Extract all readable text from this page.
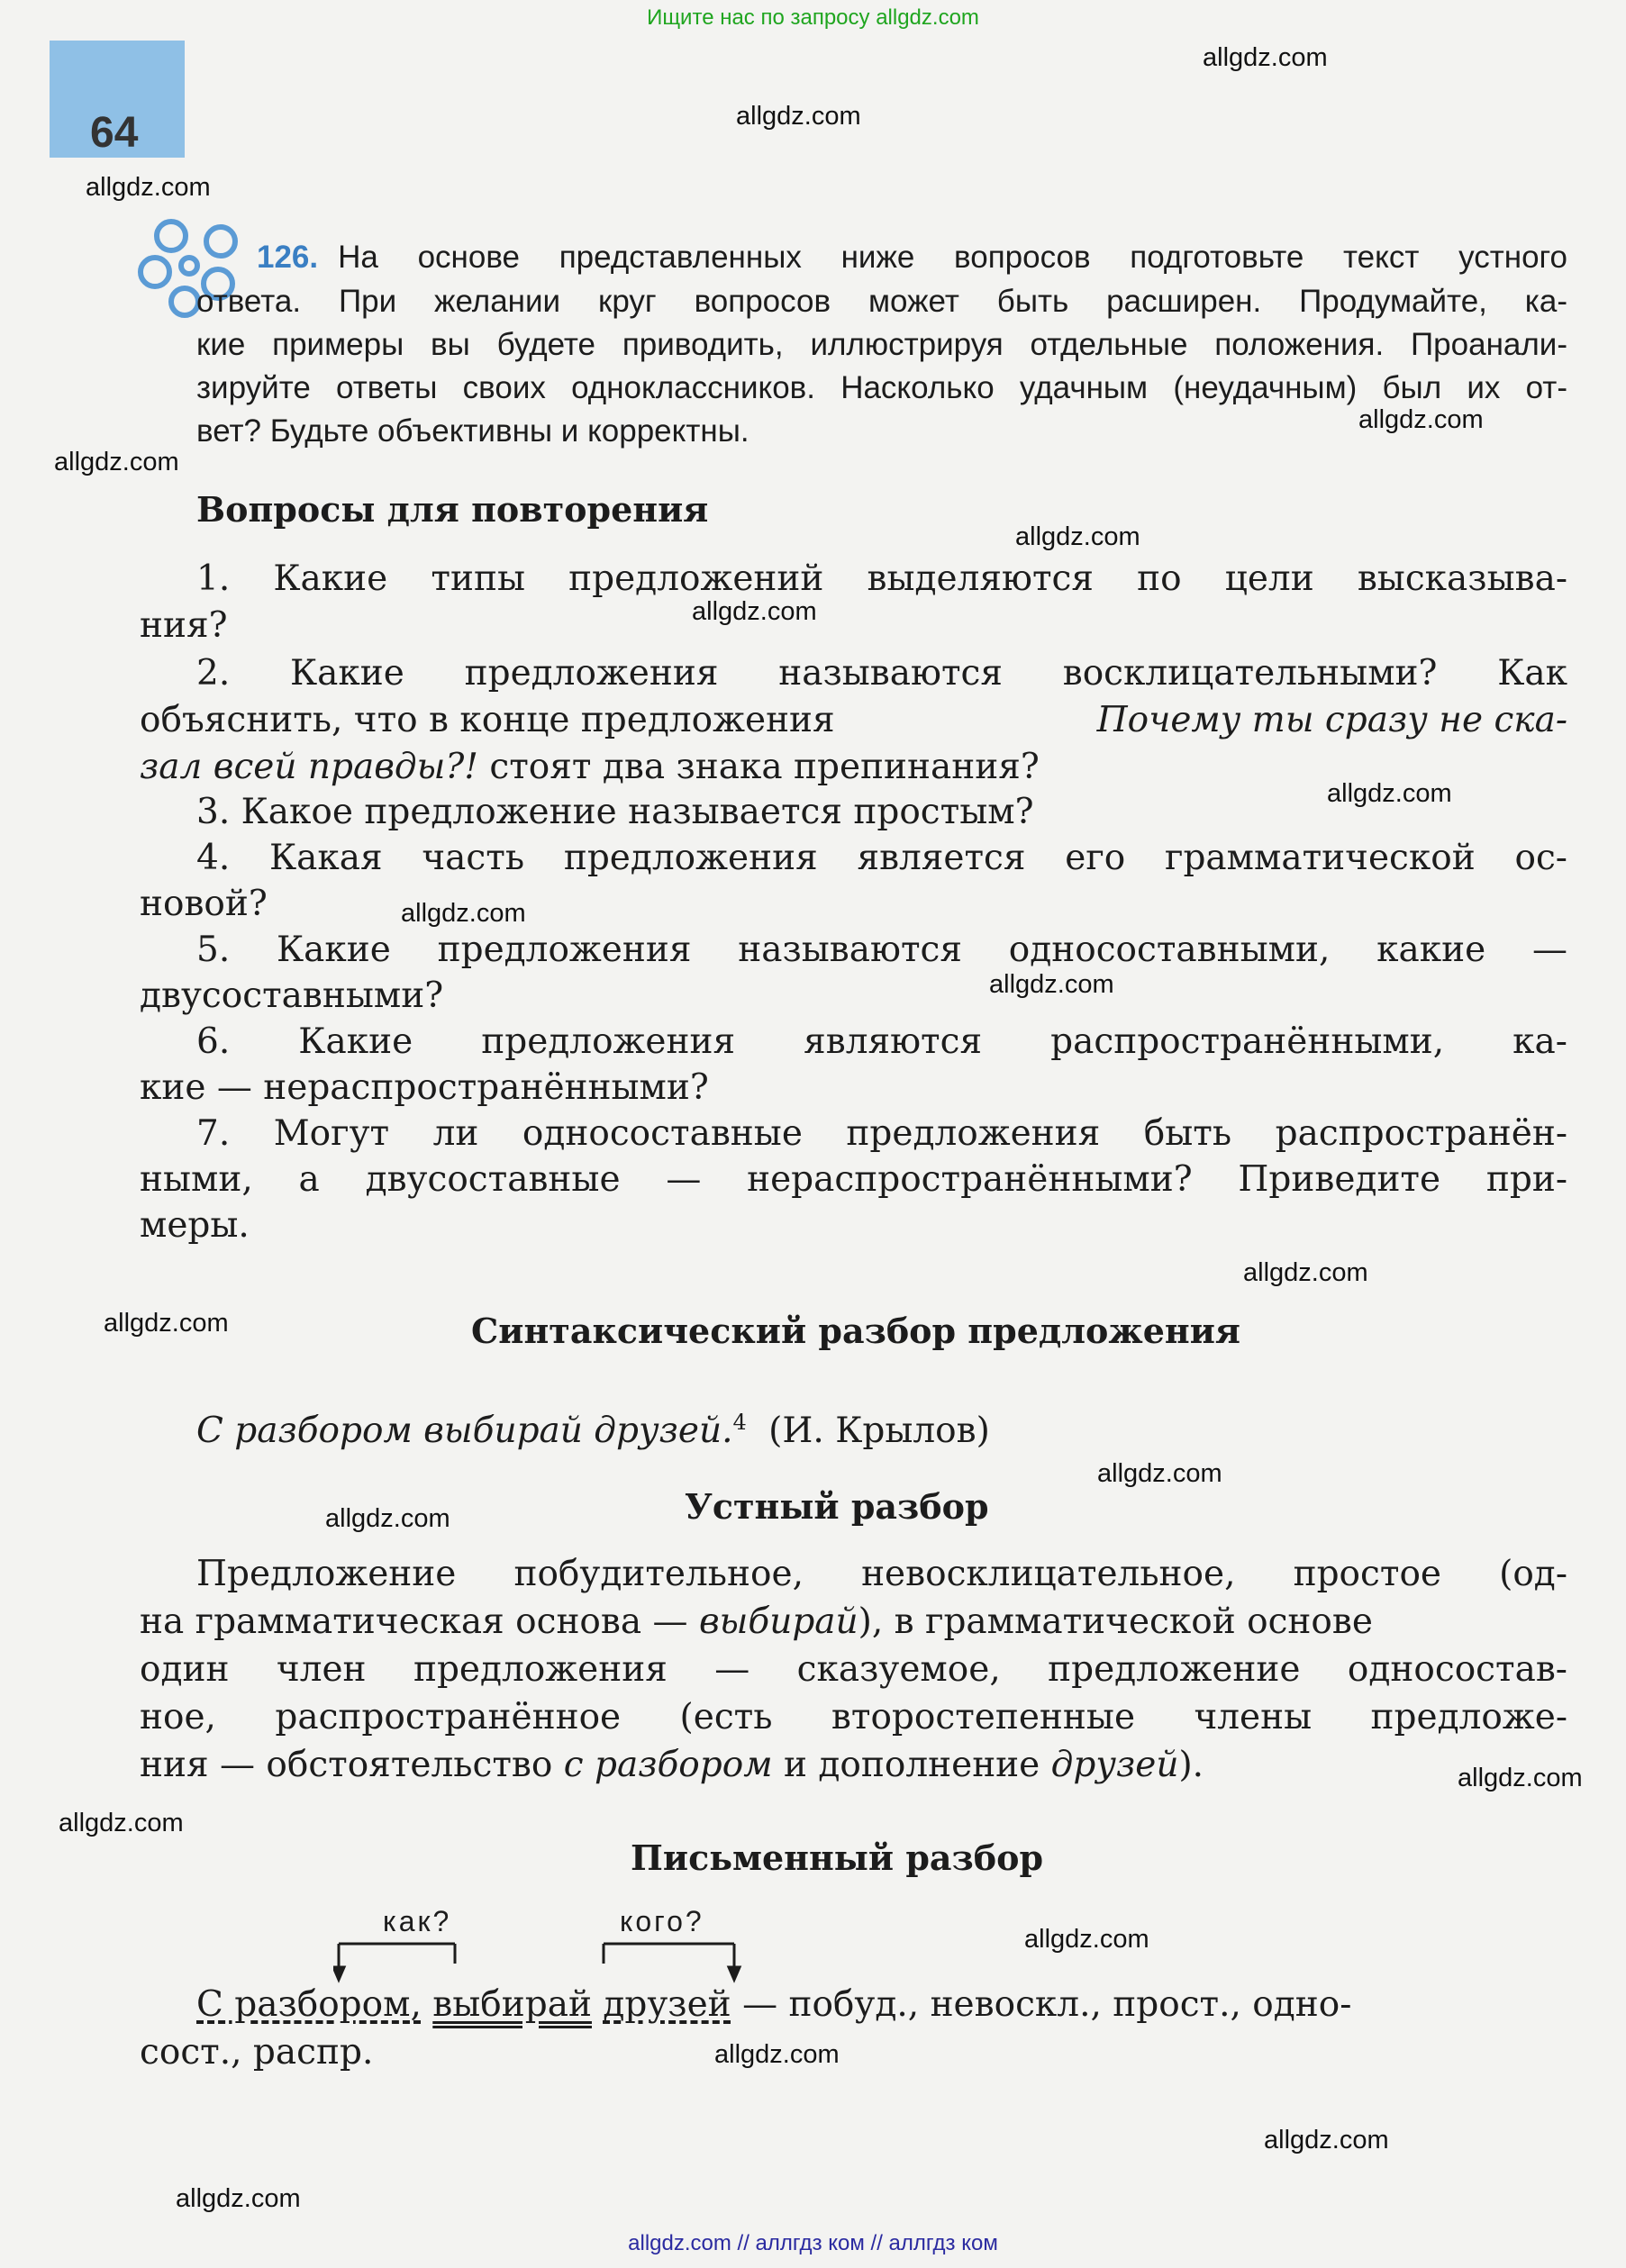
Ищите нас по запросу allgdz.com
64
allgdz.com
allgdz.com
allgdz.com
allgdz.com
allgdz.com
allgdz.com
allgdz.com
allgdz.com
allgdz.com
allgdz.com
allgdz.com
allgdz.com
allgdz.com
allgdz.com
allgdz.com
allgdz.com
allgdz.com
allgdz.com
allgdz.com
allgdz.com
126. На основе представленных ниже вопросов подготовьте текст устного
ответа. При желании круг вопросов может быть расширен. Продумайте, ка-
кие примеры вы будете приводить, иллюстрируя отдельные положения. Проанали-
зируйте ответы своих одноклассников. Насколько удачным (неудачным) был их от-
вет? Будьте объективны и корректны.
Вопросы для повторения
1. Какие типы предложений выделяются по цели высказыва-
ния?
2. Какие предложения называются восклицательными? Как
объяснить, что в конце предложения	Почему ты сразу не ска-
зал всей правды?! стоят два знака препинания?
3. Какое предложение называется простым?
4. Какая часть предложения является его грамматической ос-
новой?
5. Какие предложения называются односоставными, какие —
двусоставными?
6. Какие предложения являются распространёнными, ка-
кие — нераспространёнными?
7. Могут ли односоставные предложения быть распространён-
ными, а двусоставные — нераспространёнными? Приведите при-
меры.
Синтаксический разбор предложения
С разбором выбирай друзей.$^4$ (И. Крылов)
Устный разбор
Предложение побудительное, невосклицательное, простое (од-
на грамматическая основа — выбирай), в грамматической основе
один член предложения — сказуемое, предложение односостав-
ное, распространённое (есть второстепенные члены предложе-
ния — обстоятельство с разбором и дополнение друзей).
Письменный разбор
как?	кого?
С разбором, выбирай друзей — побуд., невоскл., прост., одно-
сост., распр.
allgdz.com // аллгдз ком // аллгдз ком
